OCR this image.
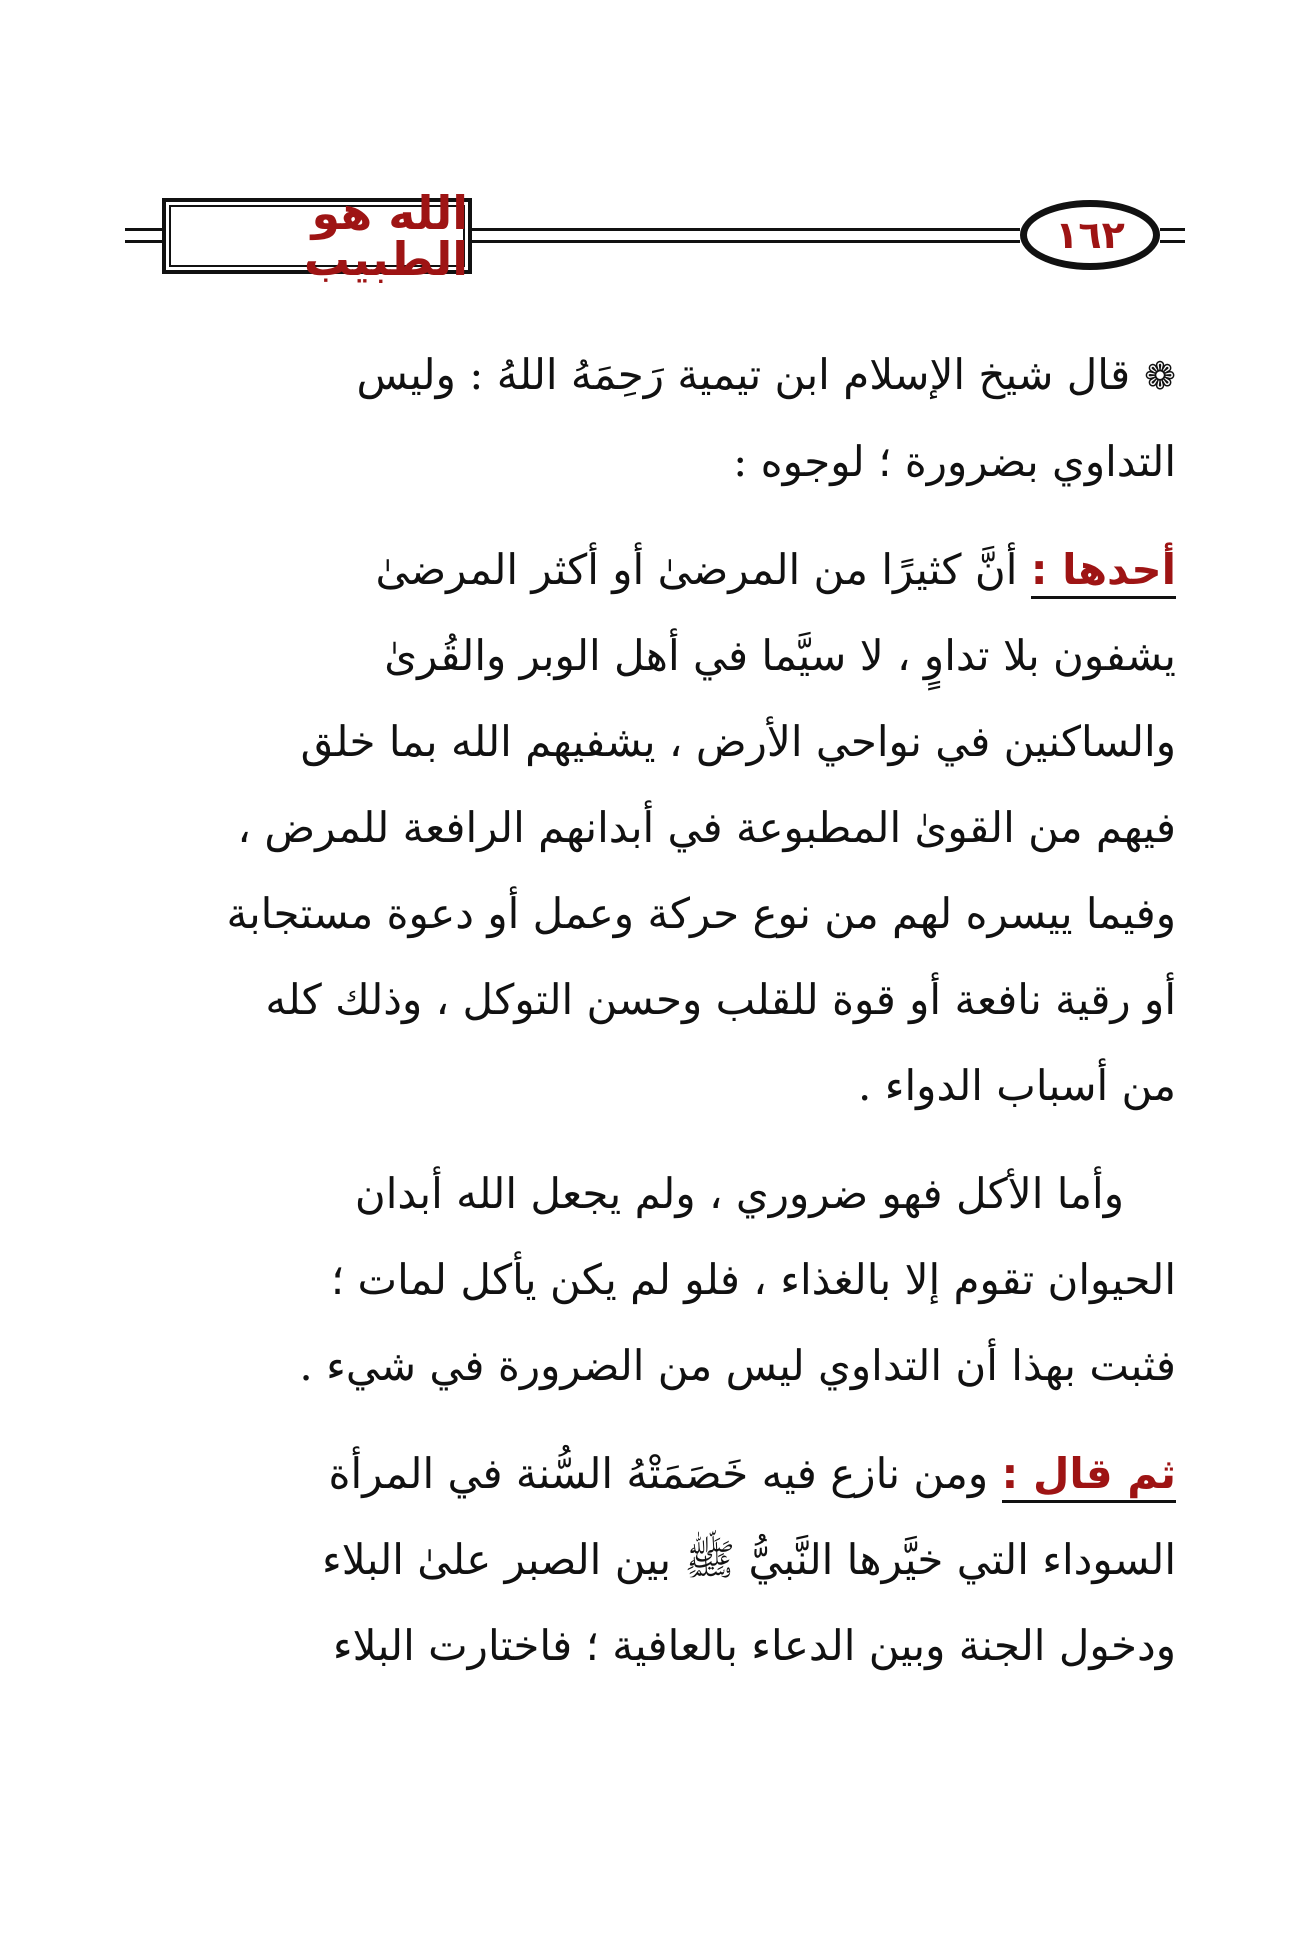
الله هو الطبيب	١٦٢

❁قال شيخ الإسلام ابن تيمية رَحِمَهُ اللهُ : وليس
التداوي بضرورة ؛ لوجوه :

أحدها : أنَّ كثيرًا من المرضىٰ أو أكثر المرضىٰ
يشفون بلا تداوٍ ، لا سيَّما في أهل الوبر والقُرىٰ
والساكنين في نواحي الأرض ، يشفيهم الله بما خلق
فيهم من القوىٰ المطبوعة في أبدانهم الرافعة للمرض ،
وفيما ييسره لهم من نوع حركة وعمل أو دعوة مستجابة
أو رقية نافعة أو قوة للقلب وحسن التوكل ، وذلك كله
من أسباب الدواء .

وأما الأكل فهو ضروري ، ولم يجعل الله أبدان
الحيوان تقوم إلا بالغذاء ، فلو لم يكن يأكل لمات ؛
فثبت بهذا أن التداوي ليس من الضرورة في شيء .

ثم قال : ومن نازع فيه خَصَمَتْهُ السُّنة في المرأة
السوداء التي خيَّرها النَّبيُّ ﷺ بين الصبر علىٰ البلاء
ودخول الجنة وبين الدعاء بالعافية ؛ فاختارت البلاء
